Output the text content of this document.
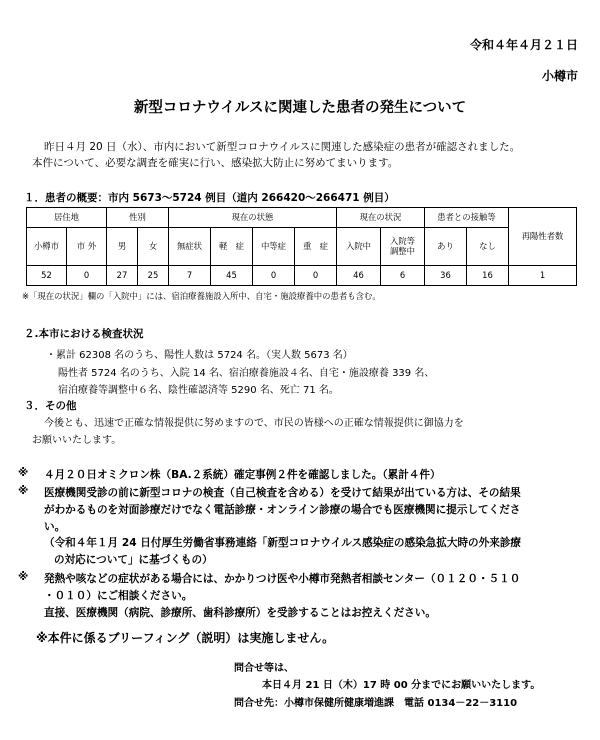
令和４年４月２１日
小樽市
新型コロナウイルスに関連した患者の発生について
昨日４月 20 日（水）、市内において新型コロナウイルスに関連した感染症の患者が確認されました。
本件について、必要な調査を確実に行い、感染拡大防止に努めてまいります。
１．患者の概要：市内 5673～5724 例目（道内 266420～266471 例目）
居住地		性別		現在の状態				現在の状況		患者との接触等		再陽性者数
小樽市	市 外	男	女	無症状	軽　症	中等症	重　症	入院中	入院等
調整中	あり	なし	
52	0	27	25	7	45	0	0	46	6	36	16	1
※「現在の状況」欄の「入院中」には、宿泊療養施設入所中、自宅・施設療養中の患者も含む。
２.本市における検査状況
・累計 62308 名のうち、陽性人数は 5724 名。（実人数 5673 名）
陽性者 5724 名のうち、入院 14 名、宿泊療養施設４名、自宅・施設療養 339 名、
宿泊療養等調整中６名、陰性確認済等 5290 名、死亡 71 名。
３．その他
今後とも、迅速で正確な情報提供に努めますので、市民の皆様への正確な情報提供に御協力を
お願いいたします。
※ ４月２０日オミクロン株（BA.２系統）確定事例２件を確認しました。（累計４件）
※ 医療機関受診の前に新型コロナの検査（自己検査を含める）を受けて結果が出ている方は、その結果
がわかるものを対面診療だけでなく電話診療・オンライン診療の場合でも医療機関に提示してくださ
い。
（令和４年１月 24 日付厚生労働省事務連絡「新型コロナウイルス感染症の感染急拡大時の外来診療
の対応について」に基づくもの）
※ 発熱や咳などの症状がある場合には、かかりつけ医や小樽市発熱者相談センター（０１２０・５１０
・０１０）にご相談ください。
直接、医療機関（病院、診療所、歯科診療所）を受診することはお控えください。
※本件に係るブリーフィング（説明）は実施しません。
問合せ等は、
本日４月 21 日（木）17 時 00 分までにお願いいたします。
問合せ先：小樽市保健所健康増進課　電話 0134－22－3110
